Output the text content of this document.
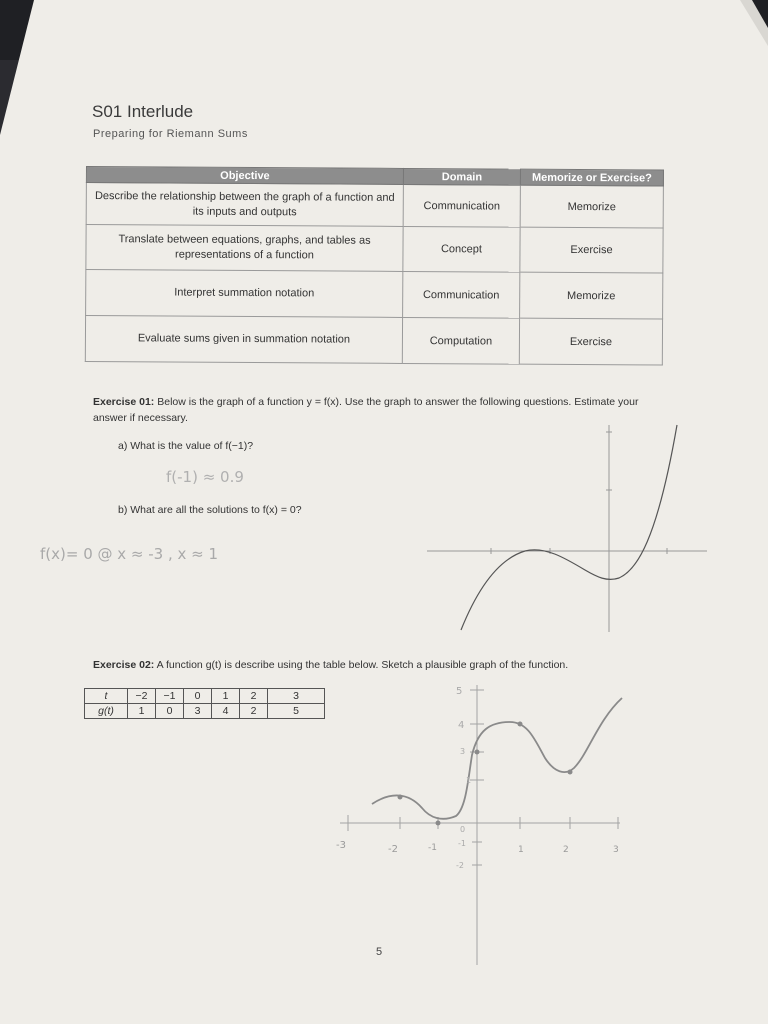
S01 Interlude
Preparing for Riemann Sums
Objective	Domain	Memorize or Exercise?
Describe the relationship between the graph of a function and its inputs and outputs	Communication	Memorize
Translate between equations, graphs, and tables as representations of a function	Concept	Exercise
Interpret summation notation	Communication	Memorize
Evaluate sums given in summation notation	Computation	Exercise
Exercise 01: Below is the graph of a function y = f(x). Use the graph to answer the following questions. Estimate your answer if necessary.
a) What is the value of f(−1)?
f(-1) ≈ 0.9
b) What are all the solutions to f(x) = 0?
f(x)= 0 @ x ≈ -3 , x ≈ 1
Exercise 02: A function g(t) is describe using the table below. Sketch a plausible graph of the function.
t	−2	−1	0	1	2	3
g(t)	1	0	3	4	2	5
-3	-2	-1	1	2	3
5
4
3
1
0
-1
-2
5
